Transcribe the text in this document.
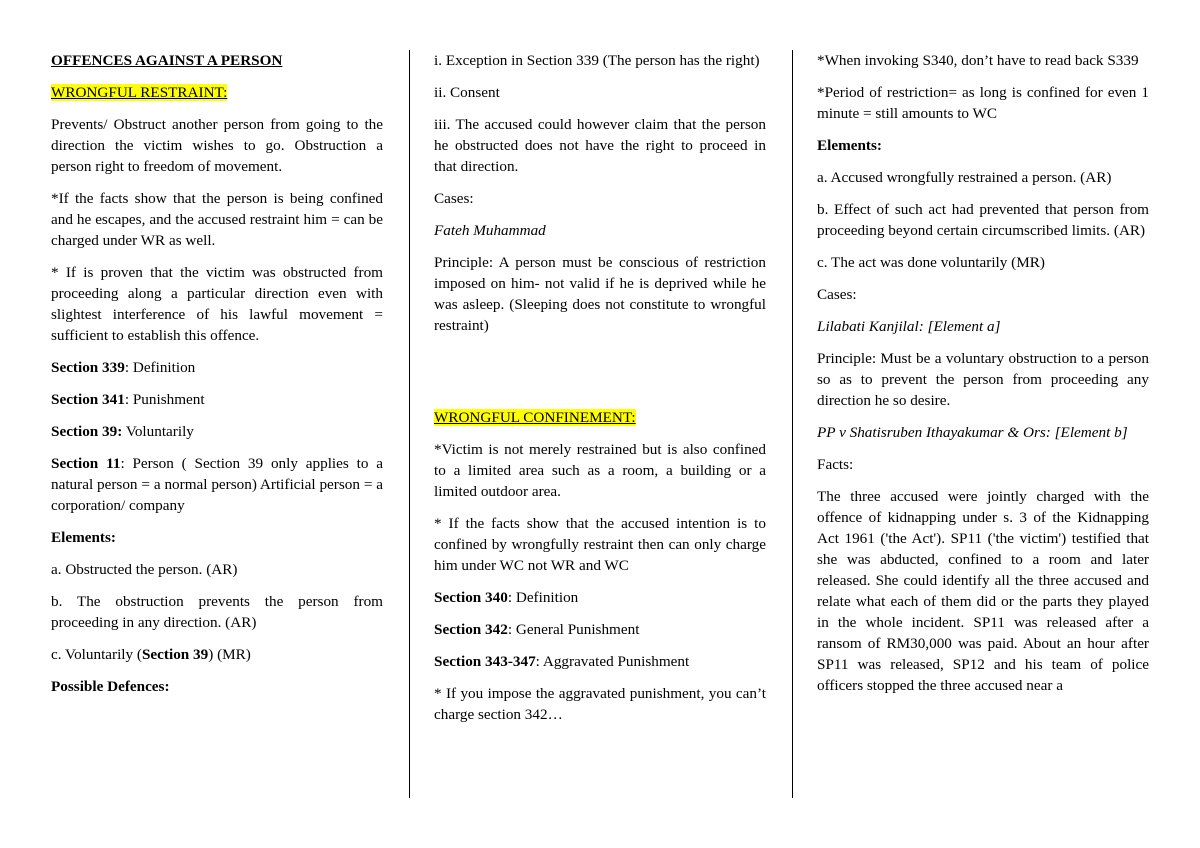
OFFENCES AGAINST A PERSON

WRONGFUL RESTRAINT:

Prevents/ Obstruct another person from going to the direction the victim wishes to go. Obstruction a person right to freedom of movement.

*If the facts show that the person is being confined and he escapes, and the accused restraint him = can be charged under WR as well.

* If is proven that the victim was obstructed from proceeding along a particular direction even with slightest interference of his lawful movement = sufficient to establish this offence.

Section 339: Definition

Section 341: Punishment

Section 39: Voluntarily

Section 11: Person ( Section 39 only applies to a natural person = a normal person) Artificial person = a corporation/ company

Elements:

a. Obstructed the person. (AR)

b. The obstruction prevents the person from proceeding in any direction. (AR)

c. Voluntarily (Section 39) (MR)

Possible Defences:

i. Exception in Section 339 (The person has the right)

ii. Consent

iii. The accused could however claim that the person he obstructed does not have the right to proceed in that direction.

Cases:

Fateh Muhammad

Principle: A person must be conscious of restriction imposed on him- not valid if he is deprived while he was asleep. (Sleeping does not constitute to wrongful restraint)

WRONGFUL CONFINEMENT:

*Victim is not merely restrained but is also confined to a limited area such as a room, a building or a limited outdoor area.

* If the facts show that the accused intention is to confined by wrongfully restraint then can only charge him under WC not WR and WC

Section 340: Definition

Section 342: General Punishment

Section 343-347: Aggravated Punishment

* If you impose the aggravated punishment, you can’t charge section 342…

*When invoking S340, don’t have to read back S339

*Period of restriction= as long is confined for even 1 minute = still amounts to WC

Elements:

a. Accused wrongfully restrained a person. (AR)

b. Effect of such act had prevented that person from proceeding beyond certain circumscribed limits. (AR)

c. The act was done voluntarily (MR)

Cases:

Lilabati Kanjilal: [Element a]

Principle: Must be a voluntary obstruction to a person so as to prevent the person from proceeding any direction he so desire.

PP v Shatisruben Ithayakumar & Ors: [Element b]

Facts:

The three accused were jointly charged with the offence of kidnapping under s. 3 of the Kidnapping Act 1961 ('the Act'). SP11 ('the victim') testified that she was abducted, confined to a room and later released. She could identify all the three accused and relate what each of them did or the parts they played in the whole incident. SP11 was released after a ransom of RM30,000 was paid. About an hour after SP11 was released, SP12 and his team of police officers stopped the three accused near a
